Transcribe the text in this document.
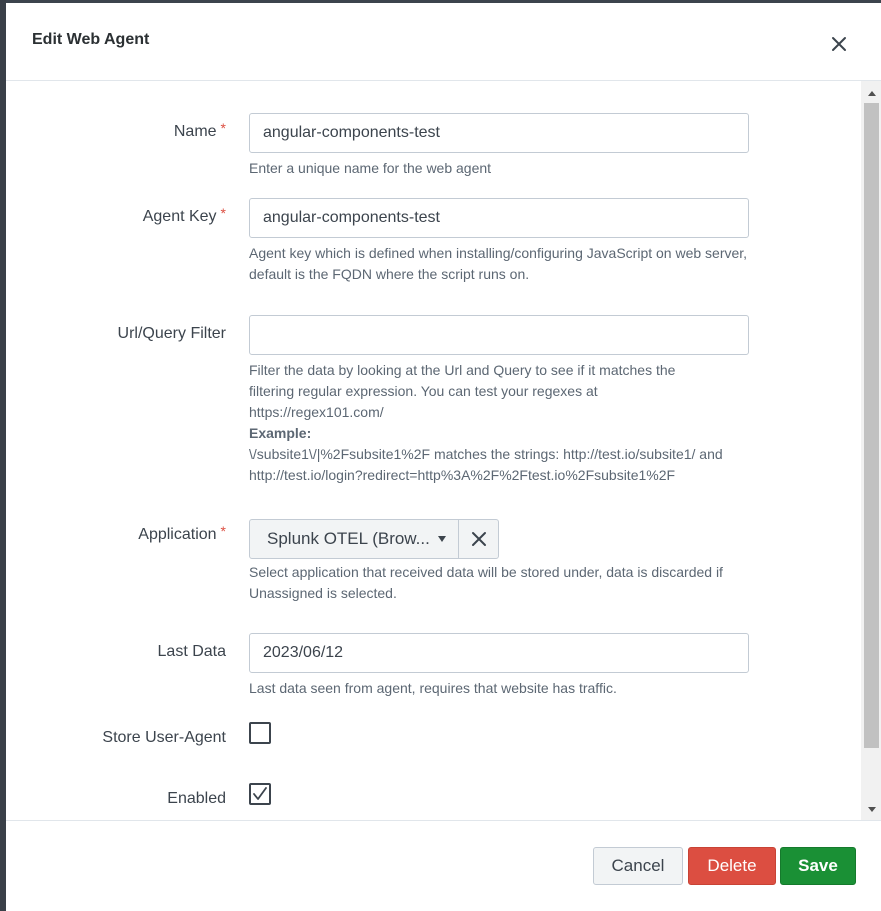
Edit Web Agent
Name *
angular-components-test
Enter a unique name for the web agent
Agent Key *
angular-components-test
Agent key which is defined when installing/configuring JavaScript on web server, default is the FQDN where the script runs on.
Url/Query Filter
Filter the data by looking at the Url and Query to see if it matches the filtering regular expression. You can test your regexes at https://regex101.com/
Example:

\/subsite1\/|%2Fsubsite1%2F matches the strings: http://test.io/subsite1/ and http://test.io/login?redirect=http%3A%2F%2Ftest.io%2Fsubsite1%2F
Application * Splunk OTEL (Brow...
Select application that received data will be stored under, data is discarded if Unassigned is selected.
Last Data
2023/06/12
Last data seen from agent, requires that website has traffic.
Store User-Agent
Enabled
Cancel	Delete	Save
